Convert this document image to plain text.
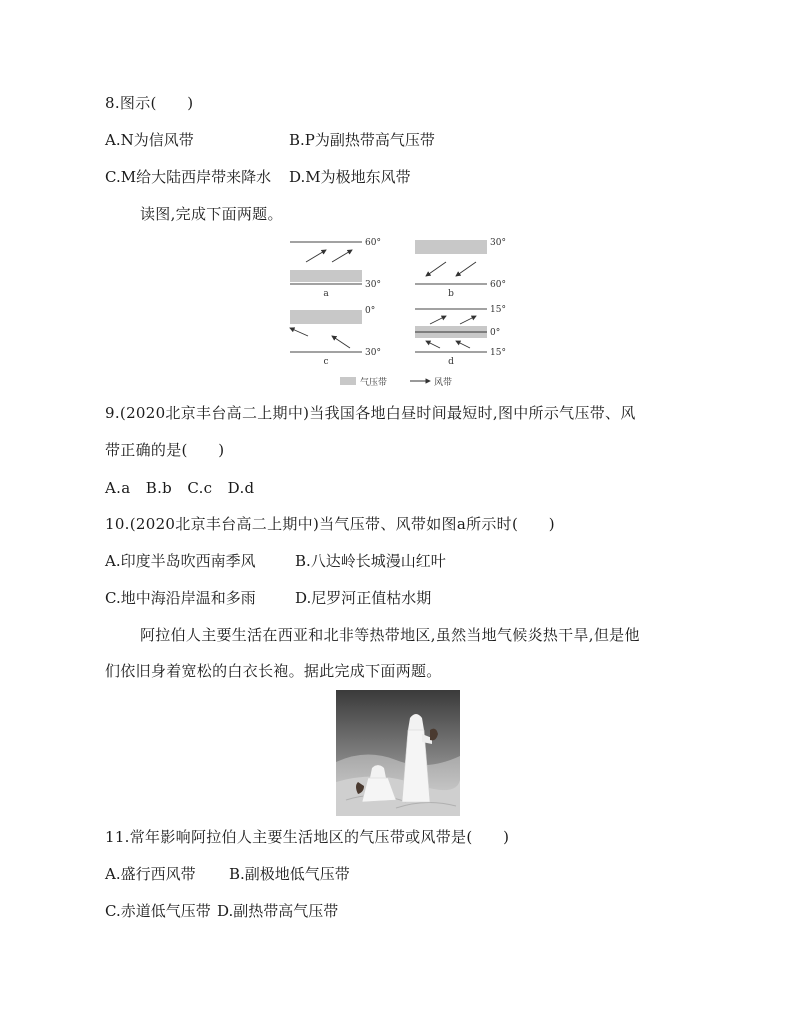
8.图示(　　)
A.N为信风带	B.P为副热带高气压带
C.M给大陆西岸带来降水 D.M为极地东风带
读图,完成下面两题。
60°
30°
a
30°
60°
b
0°
30°
c
15°
0°
15°
d
气压带	风带
9.(2020北京丰台高二上期中)当我国各地白昼时间最短时,图中所示气压带、风
带正确的是(　　)
A.a　B.b　C.c　D.d
10.(2020北京丰台高二上期中)当气压带、风带如图a所示时(　　)
A.印度半岛吹西南季风	B.八达岭长城漫山红叶
C.地中海沿岸温和多雨	D.尼罗河正值枯水期
阿拉伯人主要生活在西亚和北非等热带地区,虽然当地气候炎热干旱,但是他
们依旧身着宽松的白衣长袍。据此完成下面两题。
11.常年影响阿拉伯人主要生活地区的气压带或风带是(　　)
A.盛行西风带 B.副极地低气压带
C.赤道低气压带 D.副热带高气压带
